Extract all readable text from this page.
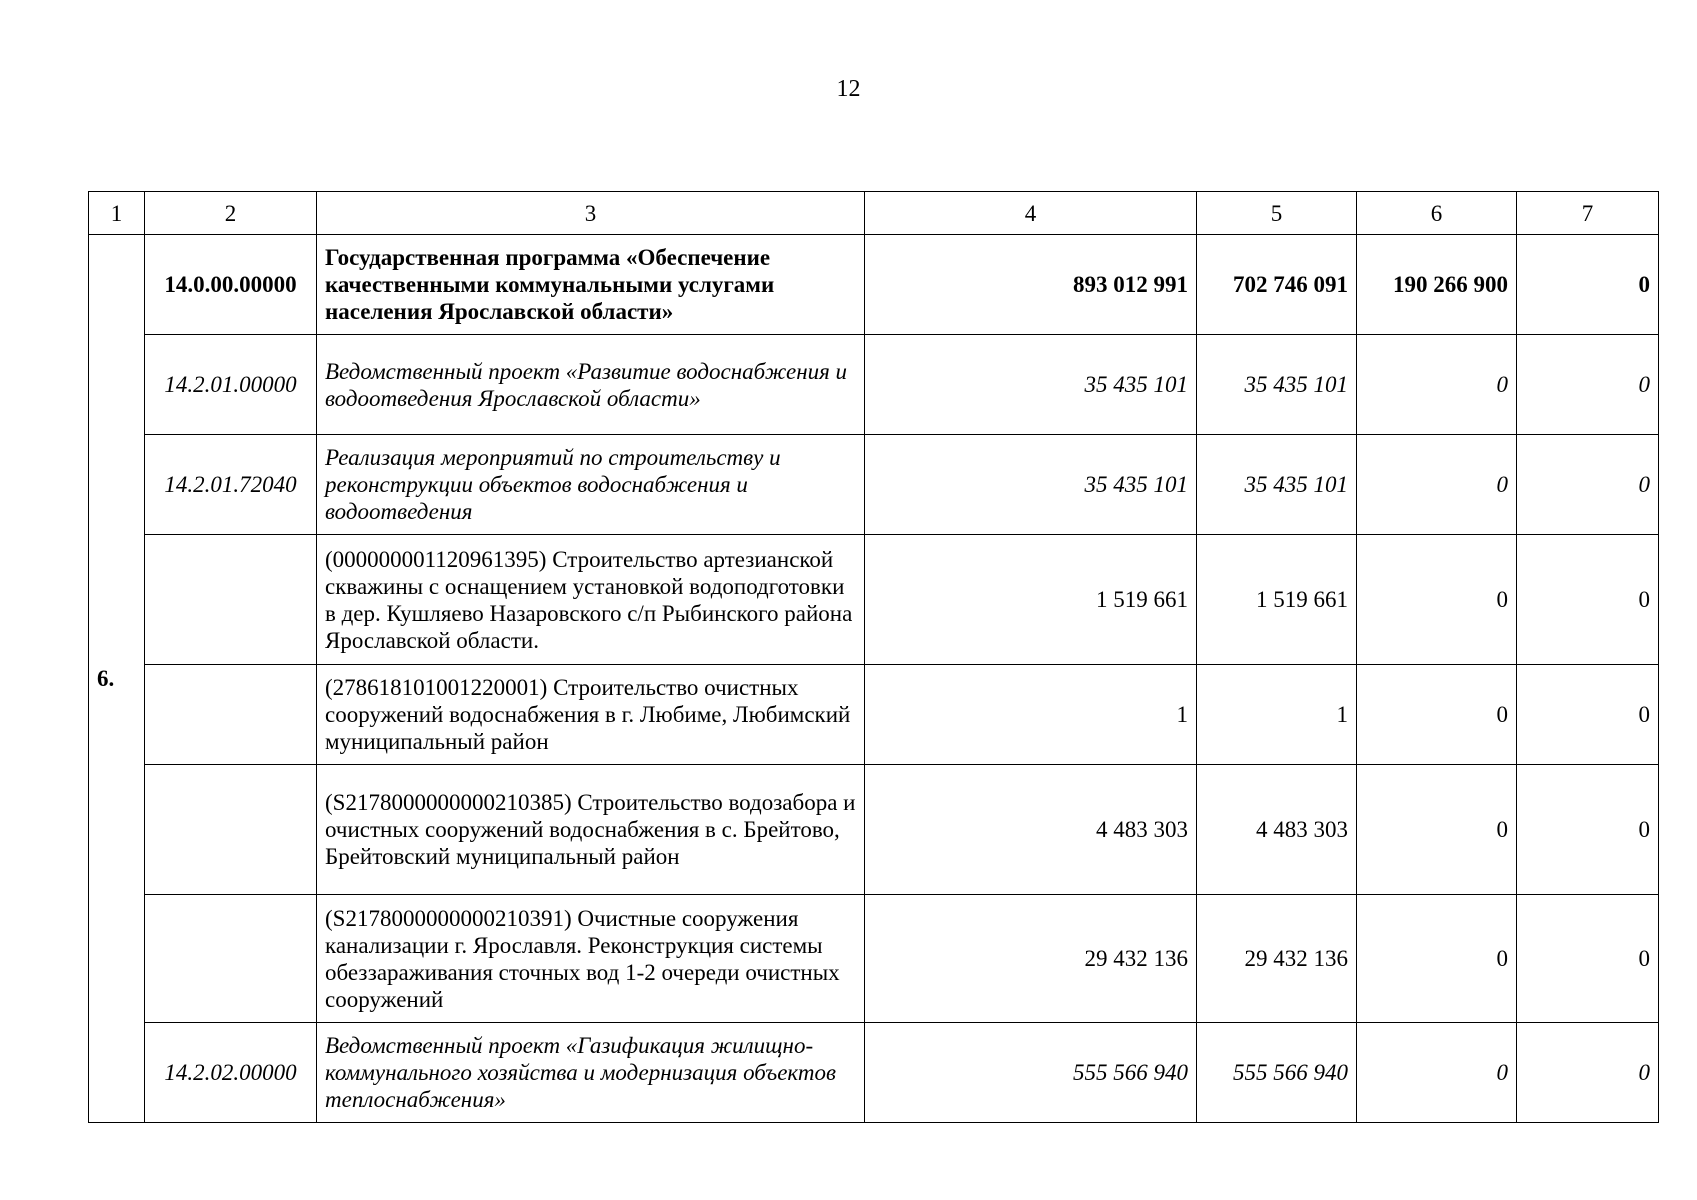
12
1	2	3	4	5	6	7
6.	14.0.00.00000	Государственная программа «Обеспечение качественными коммунальными услугами населения Ярославской области»	893 012 991	702 746 091	190 266 900	0
	14.2.01.00000	Ведомственный проект «Развитие водоснабжения и водоотведения Ярославской области»	35 435 101	35 435 101	0	0
	14.2.01.72040	Реализация мероприятий по строительству и реконструкции объектов водоснабжения и водоотведения	35 435 101	35 435 101	0	0
		(000000001120961395) Строительство артезианской скважины с оснащением установкой водоподготовки в дер. Кушляево Назаровского с/п Рыбинского района Ярославской области.	1 519 661	1 519 661	0	0
		(278618101001220001) Строительство очистных сооружений водоснабжения в г. Любиме, Любимский муниципальный район	1	1	0	0
		(S2178000000000210385) Строительство водозабора и очистных сооружений водоснабжения в с. Брейтово, Брейтовский муниципальный район	4 483 303	4 483 303	0	0
		(S2178000000000210391) Очистные сооружения канализации г. Ярославля. Реконструкция системы обеззараживания сточных вод 1-2 очереди очистных сооружений	29 432 136	29 432 136	0	0
	14.2.02.00000	Ведомственный проект «Газификация жилищно-коммунального хозяйства и модернизация объектов теплоснабжения»	555 566 940	555 566 940	0	0
